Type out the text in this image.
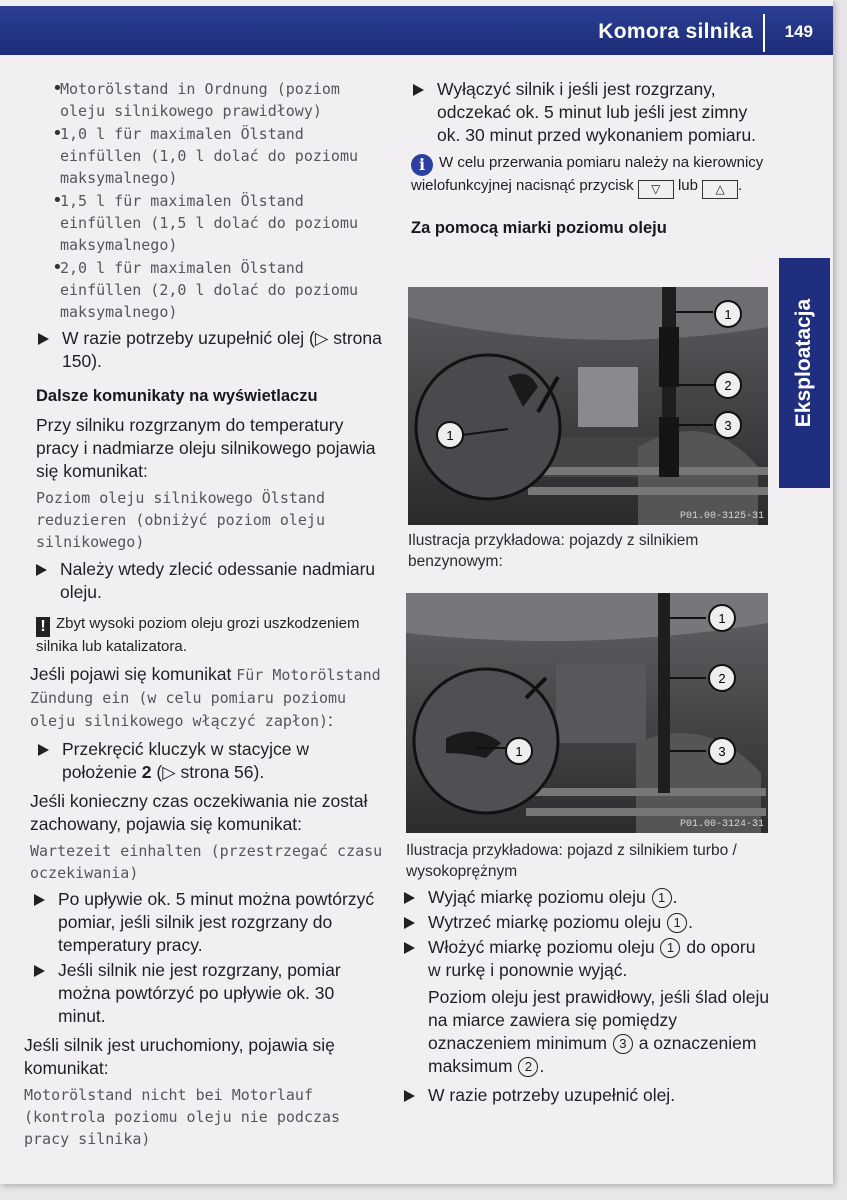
Komora silnika 149
Eksploatacja
•
Motorölstand in Ordnung (poziom oleju silnikowego prawidłowy)
•
1,0 l für maximalen Ölstand einfüllen (1,0 l dolać do poziomu maksymalnego)
•
1,5 l für maximalen Ölstand einfüllen (1,5 l dolać do poziomu maksymalnego)
•
2,0 l für maximalen Ölstand einfüllen (2,0 l dolać do poziomu maksymalnego)
W razie potrzeby uzupełnić olej (▷ strona 150).
Dalsze komunikaty na wyświetlaczu
Przy silniku rozgrzanym do temperatury pracy i nadmiarze oleju silnikowego pojawia się komunikat:
Poziom oleju silnikowego Ölstand reduzieren (obniżyć poziom oleju silnikowego)
Należy wtedy zlecić odessanie nadmiaru oleju.
! Zbyt wysoki poziom oleju grozi uszkodzeniem silnika lub katalizatora.
Jeśli pojawi się komunikat Für Motorölstand Zündung ein (w celu pomiaru poziomu oleju silnikowego włączyć zapłon):
Przekręcić kluczyk w stacyjce w położenie 2 (▷ strona 56).
Jeśli konieczny czas oczekiwania nie został zachowany, pojawia się komunikat:
Wartezeit einhalten (przestrzegać czasu oczekiwania)
Po upływie ok. 5 minut można powtórzyć pomiar, jeśli silnik jest rozgrzany do temperatury pracy.
Jeśli silnik nie jest rozgrzany, pomiar można powtórzyć po upływie ok. 30 minut.
Jeśli silnik jest uruchomiony, pojawia się komunikat:
Motorölstand nicht bei Motorlauf (kontrola poziomu oleju nie podczas pracy silnika)
Wyłączyć silnik i jeśli jest rozgrzany, odczekać ok. 5 minut lub jeśli jest zimny ok. 30 minut przed wykonaniem pomiaru.
i W celu przerwania pomiaru należy na kierownicy wielofunkcyjnej nacisnąć przycisk ▽ lub △ .
Za pomocą miarki poziomu oleju
1
2
3
1
P01.00-3125-31
Ilustracja przykładowa: pojazdy z silnikiem benzynowym:
1
2
3
1
P01.00-3124-31
Ilustracja przykładowa: pojazd z silnikiem turbo / wysokoprężnym
Wyjąć miarkę poziomu oleju 1 .
Wytrzeć miarkę poziomu oleju 1 .
Włożyć miarkę poziomu oleju 1 do oporu w rurkę i ponownie wyjąć.
Poziom oleju jest prawidłowy, jeśli ślad oleju na miarce zawiera się pomiędzy oznaczeniem minimum 3 a oznaczeniem maksimum 2 .
W razie potrzeby uzupełnić olej.
